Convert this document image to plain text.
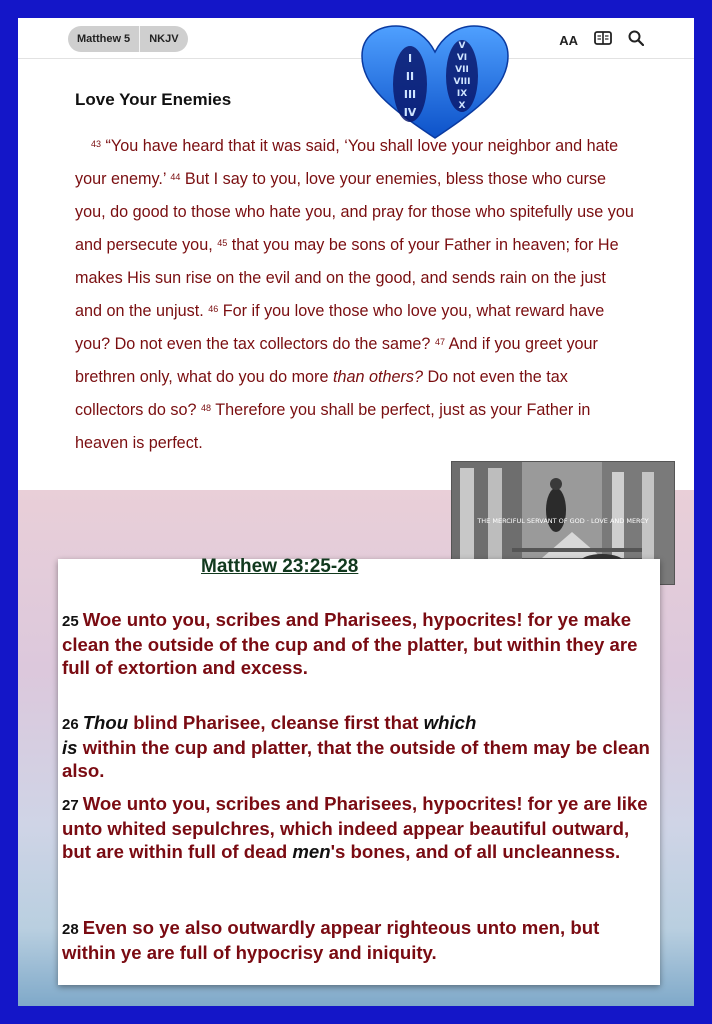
Matthew 5	NKJV	AA
I
II
III
IV
V
VI
VII
VIII
IX
X
Love Your Enemies

$^{43}$ “You have heard that it was said, ‘You shall love your neighbor and hate your enemy.’ $^{44}$ But I say to you, love your enemies, bless those who curse you, do good to those who hate you, and pray for those who spitefully use you and persecute you, $^{45}$ that you may be sons of your Father in heaven; for He makes His sun rise on the evil and on the good, and sends rain on the just and on the unjust. $^{46}$ For if you love those who love you, what reward have you? Do not even the tax collectors do the same? $^{47}$ And if you greet your brethren only, what do you do more than others? Do not even the tax collectors do so? $^{48}$ Therefore you shall be perfect, just as your Father in heaven is perfect.

THE MERCIFUL SERVANT OF GOD · LOVE AND MERCY
Matthew 23:25-28

25 Woe unto you, scribes and Pharisees, hypocrites! for ye make clean the outside of the cup and of the platter, but within they are full of extortion and excess.

26 Thou blind Pharisee, cleanse first that which
is within the cup and platter, that the outside of them may be clean also.

27 Woe unto you, scribes and Pharisees, hypocrites! for ye are like unto whited sepulchres, which indeed appear beautiful outward, but are within full of dead men's bones, and of all uncleanness.

28 Even so ye also outwardly appear righteous unto men, but within ye are full of hypocrisy and iniquity.
